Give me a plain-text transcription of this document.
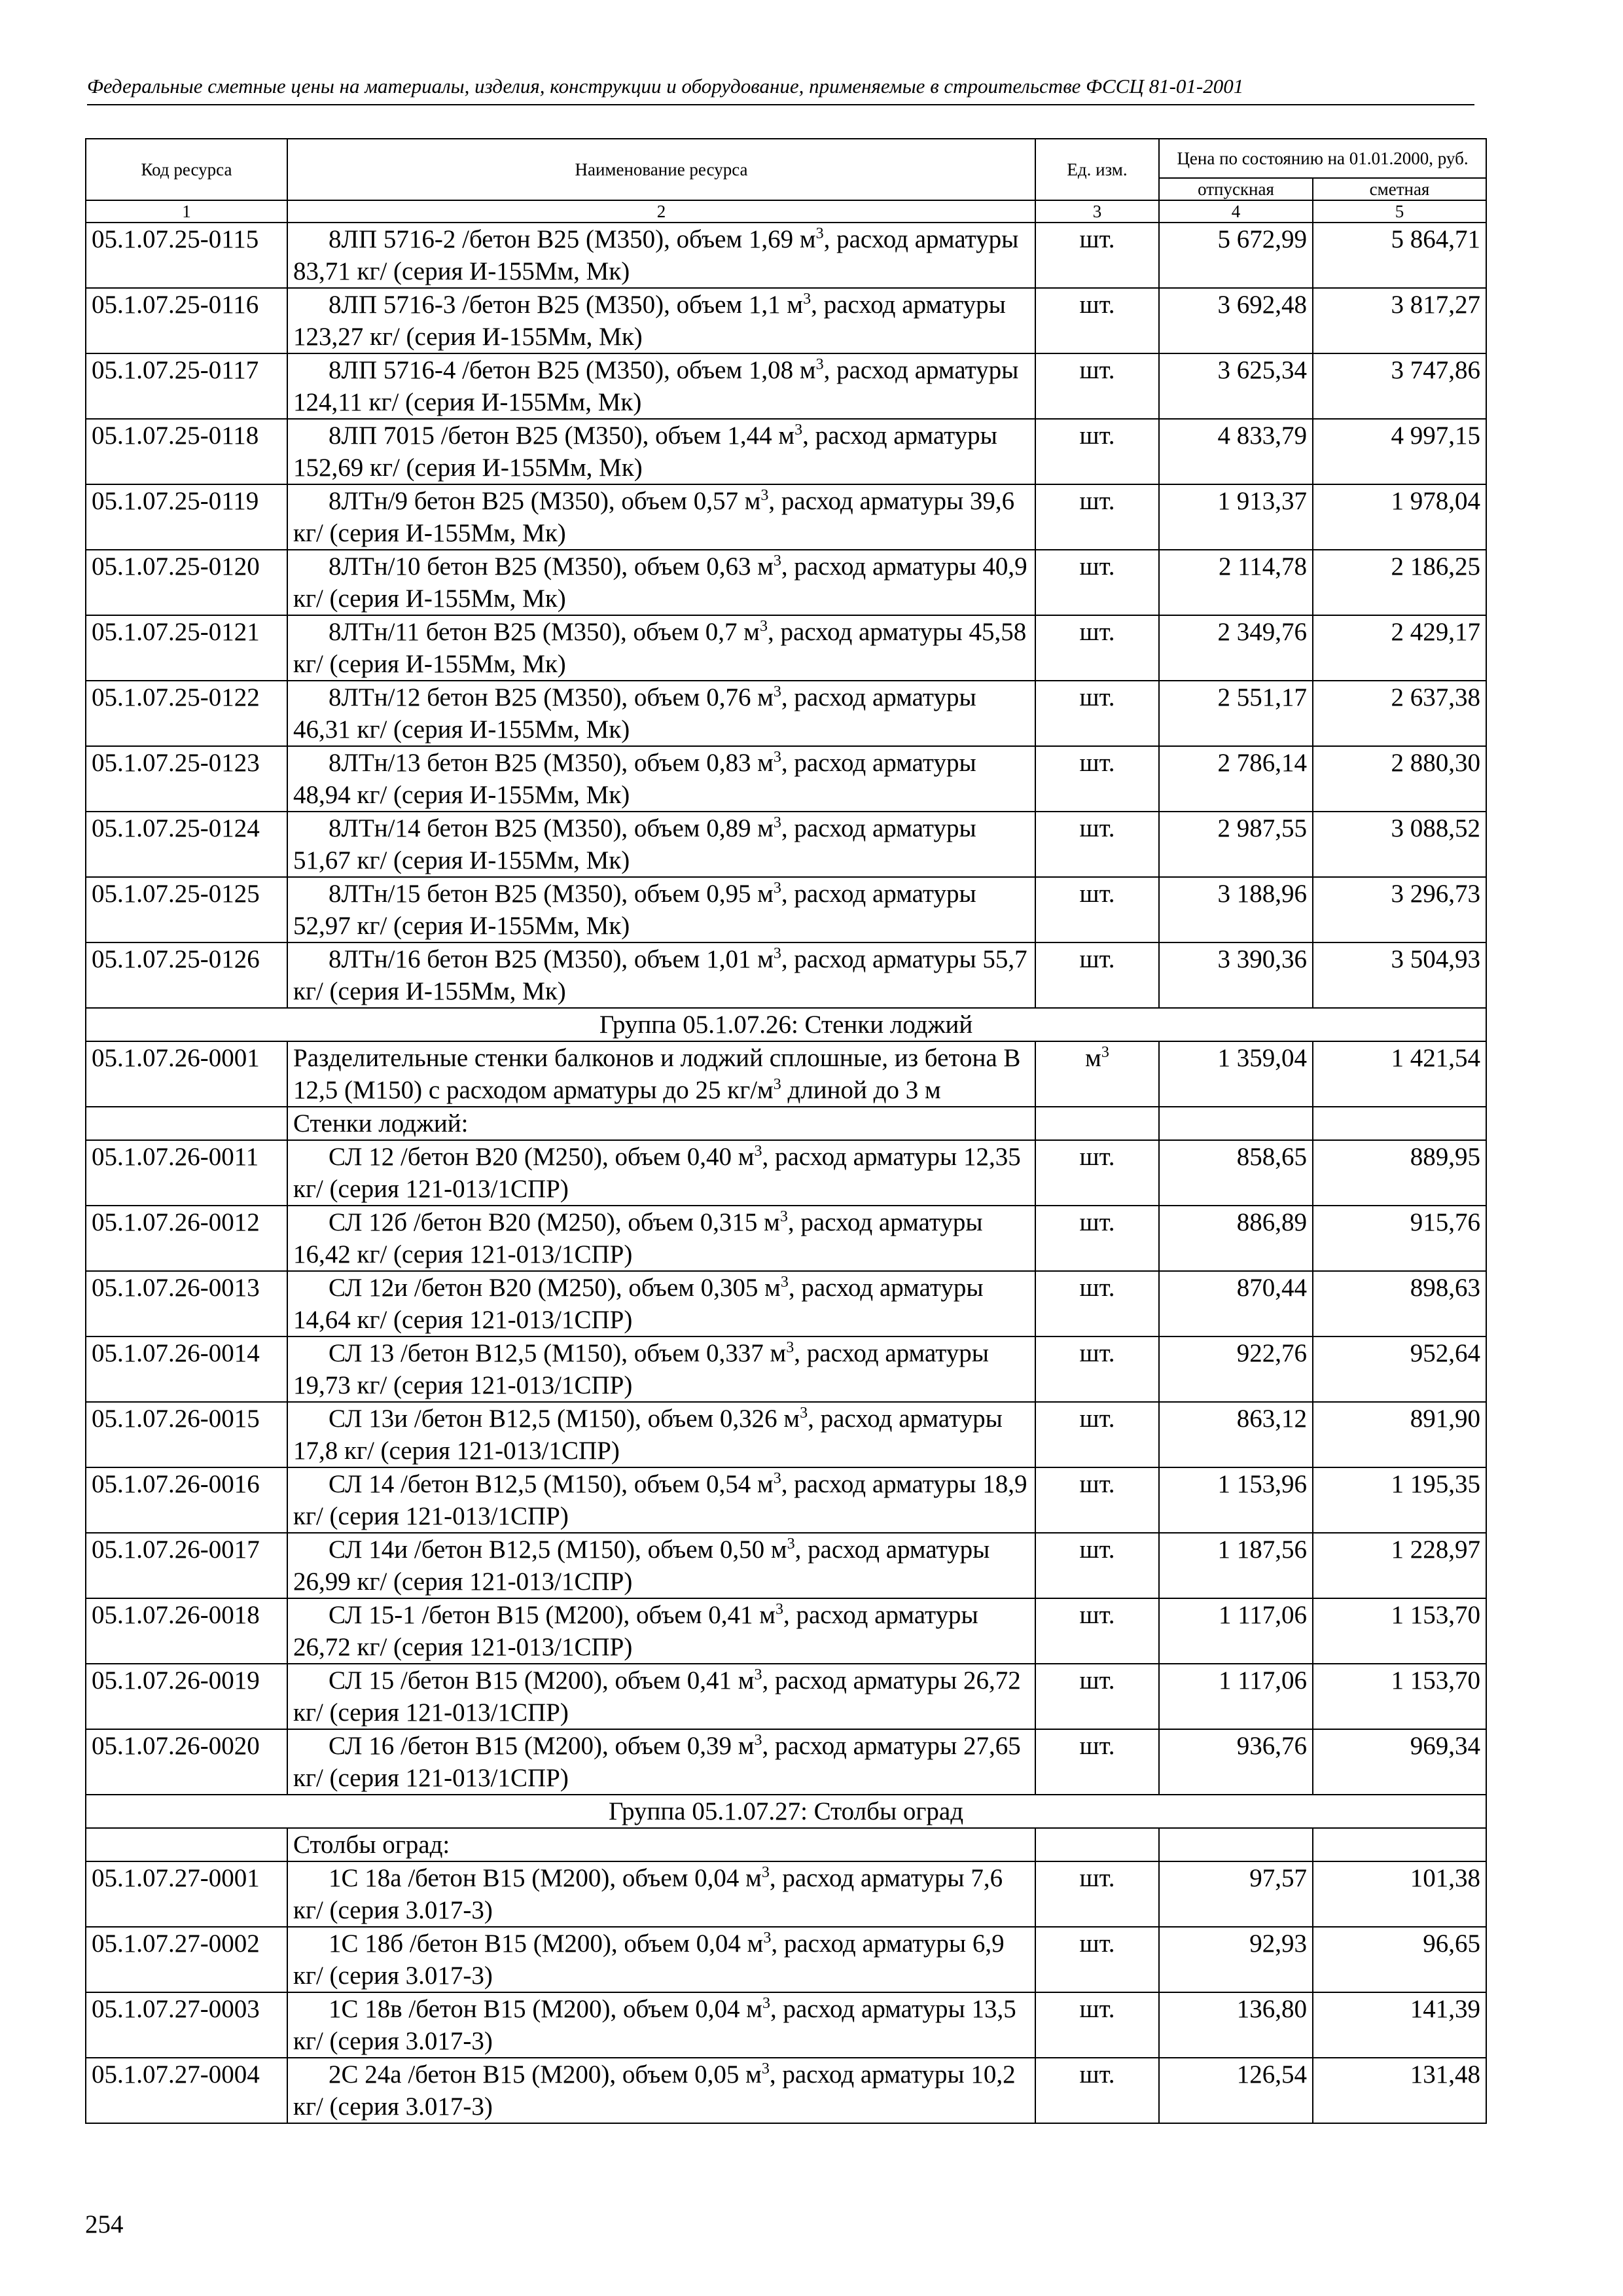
Федеральные сметные цены на материалы, изделия, конструкции и оборудование, применяемые в строительстве ФССЦ 81-01-2001
Код ресурса	Наименование ресурса	Ед. изм.	Цена по состоянию на 01.01.2000, руб.	
			отпускная	сметная
1	2	3	4	5
05.1.07.25-0115	8ЛП 5716-2 /бетон B25 (М350), объем 1,69 $м^3$, расход арматуры 83,71 кг/ (серия И-155Мм, Мк)	шт.	5 672,99	5 864,71
05.1.07.25-0116	8ЛП 5716-3 /бетон B25 (М350), объем 1,1 $м^3$, расход арматуры 123,27 кг/ (серия И-155Мм, Мк)	шт.	3 692,48	3 817,27
05.1.07.25-0117	8ЛП 5716-4 /бетон B25 (М350), объем 1,08 $м^3$, расход арматуры 124,11 кг/ (серия И-155Мм, Мк)	шт.	3 625,34	3 747,86
05.1.07.25-0118	8ЛП 7015 /бетон B25 (М350), объем 1,44 $м^3$, расход арматуры 152,69 кг/ (серия И-155Мм, Мк)	шт.	4 833,79	4 997,15
05.1.07.25-0119	8ЛТн/9 бетон B25 (М350), объем 0,57 $м^3$, расход арматуры 39,6 кг/ (серия И-155Мм, Мк)	шт.	1 913,37	1 978,04
05.1.07.25-0120	8ЛТн/10 бетон B25 (М350), объем 0,63 $м^3$, расход арматуры 40,9 кг/ (серия И-155Мм, Мк)	шт.	2 114,78	2 186,25
05.1.07.25-0121	8ЛТн/11 бетон B25 (М350), объем 0,7 $м^3$, расход арматуры 45,58 кг/ (серия И-155Мм, Мк)	шт.	2 349,76	2 429,17
05.1.07.25-0122	8ЛТн/12 бетон B25 (М350), объем 0,76 $м^3$, расход арматуры 46,31 кг/ (серия И-155Мм, Мк)	шт.	2 551,17	2 637,38
05.1.07.25-0123	8ЛТн/13 бетон B25 (М350), объем 0,83 $м^3$, расход арматуры 48,94 кг/ (серия И-155Мм, Мк)	шт.	2 786,14	2 880,30
05.1.07.25-0124	8ЛТн/14 бетон B25 (М350), объем 0,89 $м^3$, расход арматуры 51,67 кг/ (серия И-155Мм, Мк)	шт.	2 987,55	3 088,52
05.1.07.25-0125	8ЛТн/15 бетон B25 (М350), объем 0,95 $м^3$, расход арматуры 52,97 кг/ (серия И-155Мм, Мк)	шт.	3 188,96	3 296,73
05.1.07.25-0126	8ЛТн/16 бетон B25 (М350), объем 1,01 $м^3$, расход арматуры 55,7 кг/ (серия И-155Мм, Мк)	шт.	3 390,36	3 504,93
Группа 05.1.07.26: Стенки лоджий				
05.1.07.26-0001	Разделительные стенки балконов и лоджий сплошные, из бетона В 12,5 (М150) с расходом арматуры до 25 $кг/м^3$ длиной до 3 м	$м^3$	1 359,04	1 421,54
	Стенки лоджий:			
05.1.07.26-0011	СЛ 12 /бетон В20 (М250), объем 0,40 $м^3$, расход арматуры 12,35 кг/ (серия 121-013/1СПР)	шт.	858,65	889,95
05.1.07.26-0012	СЛ 12б /бетон В20 (М250), объем 0,315 $м^3$, расход арматуры 16,42 кг/ (серия 121-013/1СПР)	шт.	886,89	915,76
05.1.07.26-0013	СЛ 12и /бетон В20 (М250), объем 0,305 $м^3$, расход арматуры 14,64 кг/ (серия 121-013/1СПР)	шт.	870,44	898,63
05.1.07.26-0014	СЛ 13 /бетон В12,5 (М150), объем 0,337 $м^3$, расход арматуры 19,73 кг/ (серия 121-013/1СПР)	шт.	922,76	952,64
05.1.07.26-0015	СЛ 13и /бетон В12,5 (М150), объем 0,326 $м^3$, расход арматуры 17,8 кг/ (серия 121-013/1СПР)	шт.	863,12	891,90
05.1.07.26-0016	СЛ 14 /бетон В12,5 (М150), объем 0,54 $м^3$, расход арматуры 18,9 кг/ (серия 121-013/1СПР)	шт.	1 153,96	1 195,35
05.1.07.26-0017	СЛ 14и /бетон В12,5 (М150), объем 0,50 $м^3$, расход арматуры 26,99 кг/ (серия 121-013/1СПР)	шт.	1 187,56	1 228,97
05.1.07.26-0018	СЛ 15-1 /бетон В15 (М200), объем 0,41 $м^3$, расход арматуры 26,72 кг/ (серия 121-013/1СПР)	шт.	1 117,06	1 153,70
05.1.07.26-0019	СЛ 15 /бетон В15 (М200), объем 0,41 $м^3$, расход арматуры 26,72 кг/ (серия 121-013/1СПР)	шт.	1 117,06	1 153,70
05.1.07.26-0020	СЛ 16 /бетон В15 (М200), объем 0,39 $м^3$, расход арматуры 27,65 кг/ (серия 121-013/1СПР)	шт.	936,76	969,34
Группа 05.1.07.27: Столбы оград				
	Столбы оград:			
05.1.07.27-0001	1С 18а /бетон В15 (М200), объем 0,04 $м^3$, расход арматуры 7,6 кг/ (серия 3.017-3)	шт.	97,57	101,38
05.1.07.27-0002	1С 18б /бетон В15 (М200), объем 0,04 $м^3$, расход арматуры 6,9 кг/ (серия 3.017-3)	шт.	92,93	96,65
05.1.07.27-0003	1С 18в /бетон В15 (М200), объем 0,04 $м^3$, расход арматуры 13,5 кг/ (серия 3.017-3)	шт.	136,80	141,39
05.1.07.27-0004	2С 24а /бетон В15 (М200), объем 0,05 $м^3$, расход арматуры 10,2 кг/ (серия 3.017-3)	шт.	126,54	131,48
254
